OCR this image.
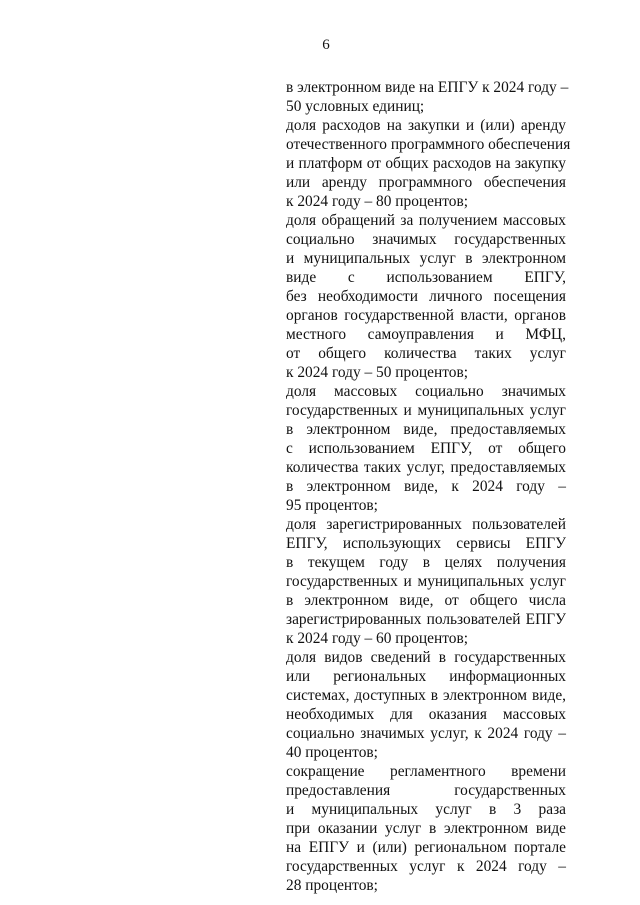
6
в электронном виде на ЕПГУ к 2024 году –
50 условных единиц;
доля расходов на закупки и (или) аренду
отечественного программного обеспечения
и платформ от общих расходов на закупку
или аренду программного обеспечения
к 2024 году – 80 процентов;
доля обращений за получением массовых
социально значимых государственных
и муниципальных услуг в электронном
виде с использованием ЕПГУ,
без необходимости личного посещения
органов государственной власти, органов
местного самоуправления и МФЦ,
от общего количества таких услуг
к 2024 году – 50 процентов;
доля массовых социально значимых
государственных и муниципальных услуг
в электронном виде, предоставляемых
с использованием ЕПГУ, от общего
количества таких услуг, предоставляемых
в электронном виде, к 2024 году –
95 процентов;
доля зарегистрированных пользователей
ЕПГУ, использующих сервисы ЕПГУ
в текущем году в целях получения
государственных и муниципальных услуг
в электронном виде, от общего числа
зарегистрированных пользователей ЕПГУ
к 2024 году – 60 процентов;
доля видов сведений в государственных
или региональных информационных
системах, доступных в электронном виде,
необходимых для оказания массовых
социально значимых услуг, к 2024 году –
40 процентов;
сокращение регламентного времени
предоставления государственных
и муниципальных услуг в 3 раза
при оказании услуг в электронном виде
на ЕПГУ и (или) региональном портале
государственных услуг к 2024 году –
28 процентов;
